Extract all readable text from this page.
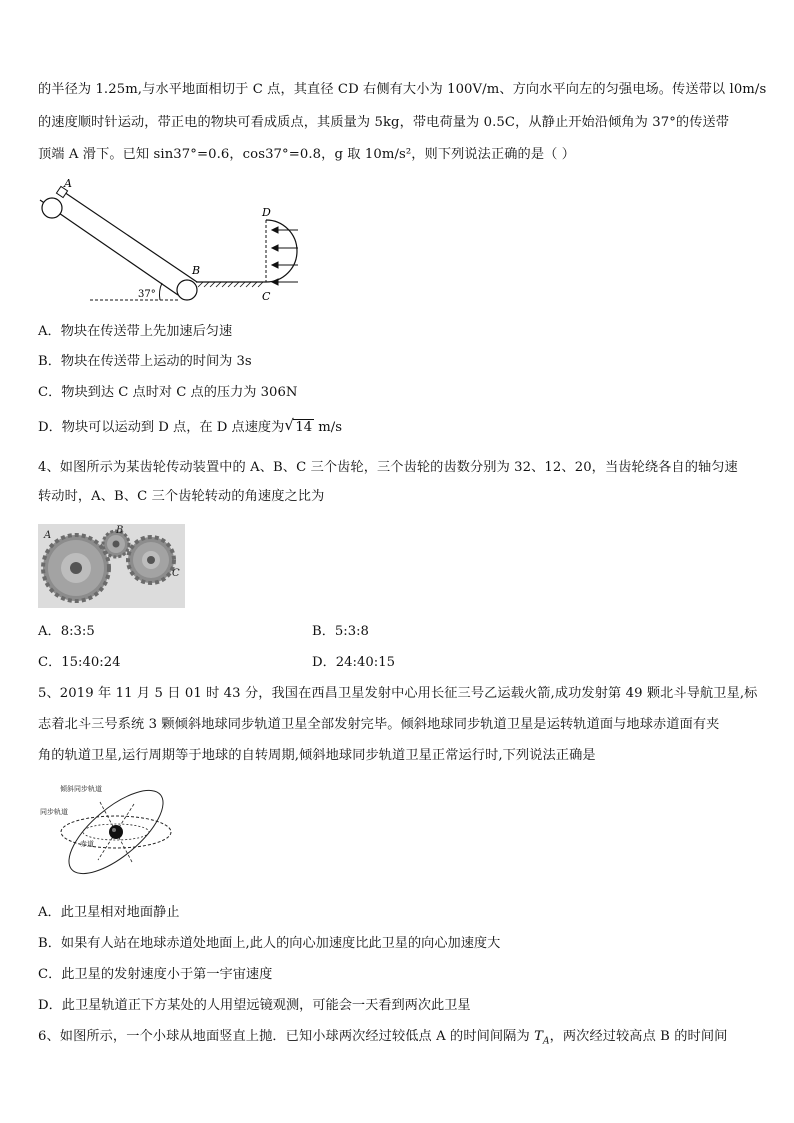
的半径为 1.25m,与水平地面相切于 C 点，其直径 CD 右侧有大小为 100V/m、方向水平向左的匀强电场。传送带以 l0m/s
的速度顺时针运动，带正电的物块可看成质点，其质量为 5kg，带电荷量为 0.5C，从静止开始沿倾角为 37°的传送带
顶端 A 滑下。已知 sin37°=0.6，cos37°=0.8，g 取 10m/s²，则下列说法正确的是（ ）
A
B
C
D
37°
A．物块在传送带上先加速后匀速
B．物块在传送带上运动的时间为 3s
C．物块到达 C 点时对 C 点的压力为 306N
D．物块可以运动到 D 点，在 D 点速度为 √ 14 m/s
4、如图所示为某齿轮传动装置中的 A、B、C 三个齿轮，三个齿轮的齿数分别为 32、12、20，当齿轮绕各自的轴匀速
转动时，A、B、C 三个齿轮转动的角速度之比为
A	B
C
A．8:3:5	B．5:3:8
C．15:40:24	D．24:40:15
5、2019 年 11 月 5 日 01 时 43 分，我国在西昌卫星发射中心用长征三号乙运载火箭,成功发射第 49 颗北斗导航卫星,标
志着北斗三号系统 3 颗倾斜地球同步轨道卫星全部发射完毕。倾斜地球同步轨道卫星是运转轨道面与地球赤道面有夹
角的轨道卫星,运行周期等于地球的自转周期,倾斜地球同步轨道卫星正常运行时,下列说法正确是
倾斜同步轨道
同步轨道
赤道
A．此卫星相对地面静止
B．如果有人站在地球赤道处地面上,此人的向心加速度比此卫星的向心加速度大
C．此卫星的发射速度小于第一宇宙速度
D．此卫星轨道正下方某处的人用望远镜观测，可能会一天看到两次此卫星
6、如图所示，一个小球从地面竖直上抛．已知小球两次经过较低点 A 的时间间隔为 $T_A$，两次经过较高点 B 的时间间
